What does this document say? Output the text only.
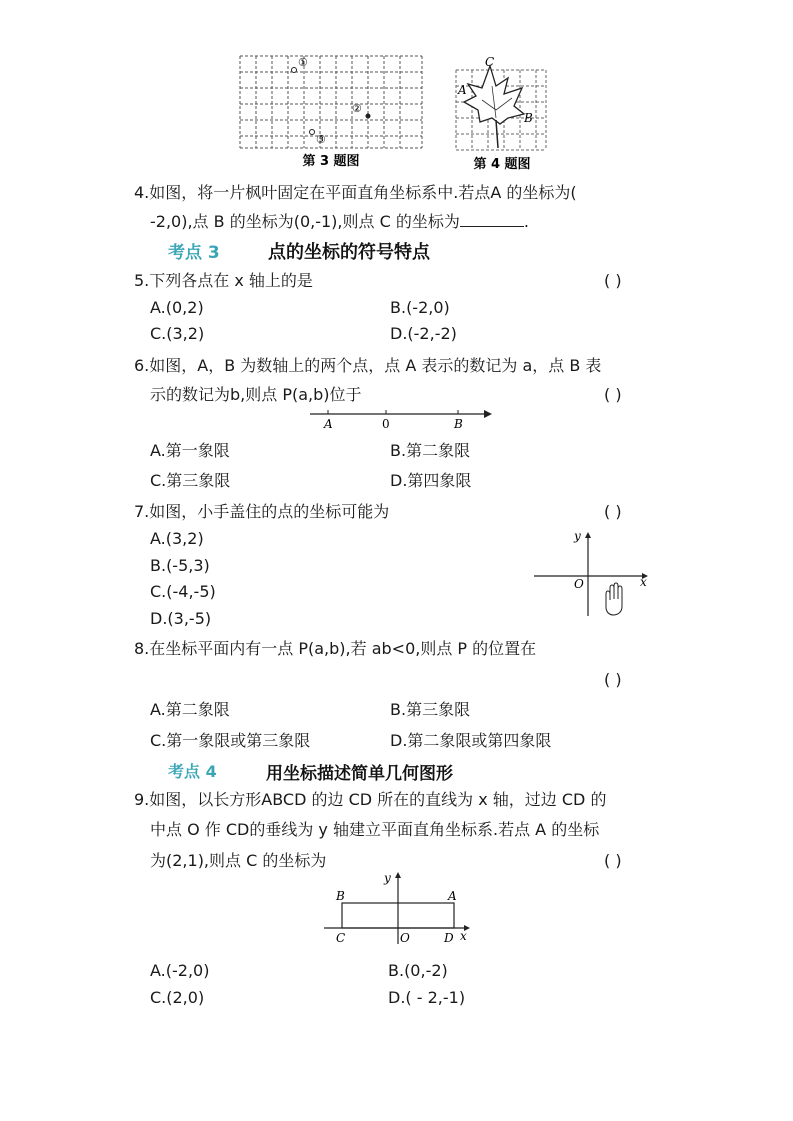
①
②
③
第 3 题图
C
A
B
第 4 题图
4.如图，将一片枫叶固定在平面直角坐标系中.若点A 的坐标为(
-2,0),点 B 的坐标为(0,-1),则点 C 的坐标为	.
考点 3	点的坐标的符号特点
5.下列各点在 x 轴上的是	( )
A.(0,2)	B.(-2,0)
C.(3,2)	D.(-2,-2)
6.如图，A，B 为数轴上的两个点，点 A 表示的数记为 a，点 B 表
示的数记为b,则点 P(a,b)位于	( )
A	0	B
A.第一象限	B.第二象限
C.第三象限	D.第四象限
7.如图，小手盖住的点的坐标可能为	( )
A.(3,2)
B.(-5,3)
C.(-4,-5)
D.(3,-5)
y
O	x
8.在坐标平面内有一点 P(a,b),若 ab<0,则点 P 的位置在
( )
A.第二象限	B.第三象限
C.第一象限或第三象限	D.第二象限或第四象限
考点 4	用坐标描述简单几何图形
9.如图，以长方形ABCD 的边 CD 所在的直线为 x 轴，过边 CD 的
中点 O 作 CD的垂线为 y 轴建立平面直角坐标系.若点 A 的坐标
为(2,1),则点 C 的坐标为	( )
B	A
C	O	D x
y
A.(-2,0)	B.(0,-2)
C.(2,0)	D.( - 2,-1)
